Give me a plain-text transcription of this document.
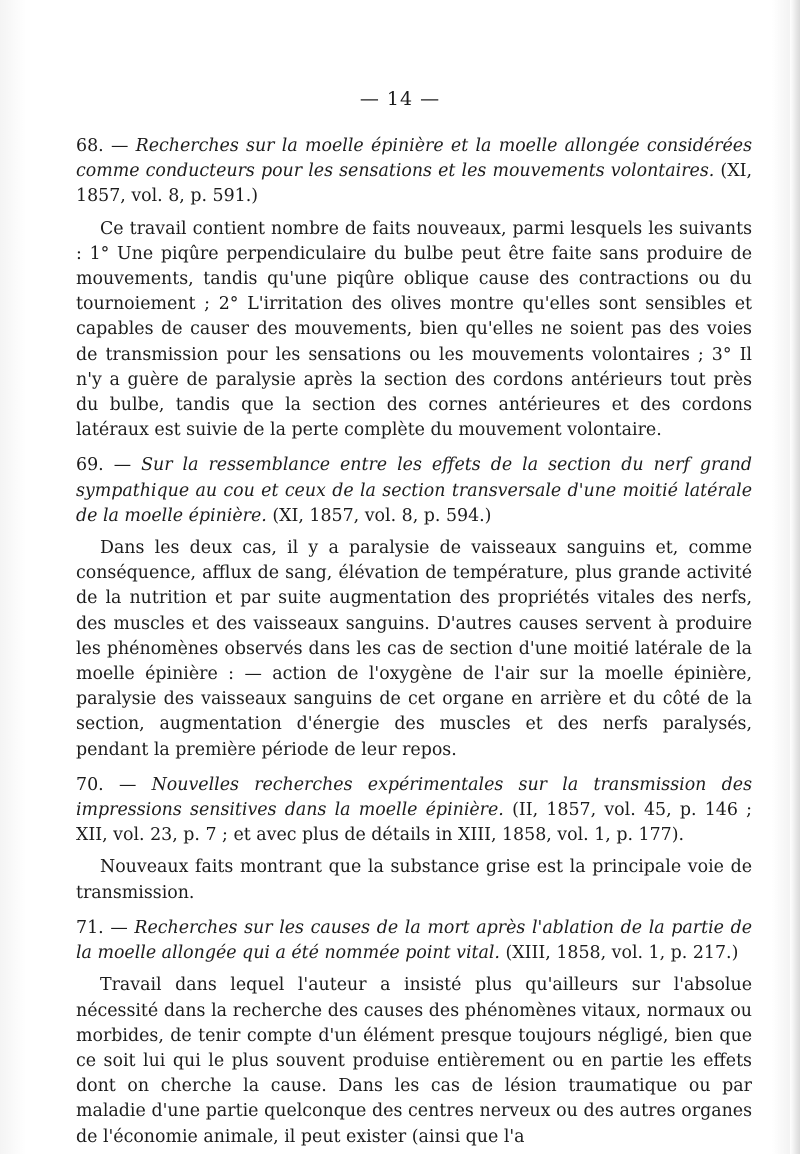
— 14 —

68. — Recherches sur la moelle épinière et la moelle allongée considérées comme conducteurs pour les sensations et les mouvements volontaires. (XI, 1857, vol. 8, p. 591.)

Ce travail contient nombre de faits nouveaux, parmi lesquels les suivants : 1° Une piqûre perpendiculaire du bulbe peut être faite sans produire de mouvements, tandis qu'une piqûre oblique cause des contractions ou du tournoiement ; 2° L'irritation des olives montre qu'elles sont sensibles et capables de causer des mouvements, bien qu'elles ne soient pas des voies de transmission pour les sensations ou les mouvements volontaires ; 3° Il n'y a guère de paralysie après la section des cordons antérieurs tout près du bulbe, tandis que la section des cornes antérieures et des cordons latéraux est suivie de la perte complète du mouvement volontaire.

69. — Sur la ressemblance entre les effets de la section du nerf grand sympathique au cou et ceux de la section transversale d'une moitié latérale de la moelle épinière. (XI, 1857, vol. 8, p. 594.)

Dans les deux cas, il y a paralysie de vaisseaux sanguins et, comme conséquence, afflux de sang, élévation de température, plus grande activité de la nutrition et par suite augmentation des propriétés vitales des nerfs, des muscles et des vaisseaux sanguins. D'autres causes servent à produire les phénomènes observés dans les cas de section d'une moitié latérale de la moelle épinière : — action de l'oxygène de l'air sur la moelle épinière, paralysie des vaisseaux sanguins de cet organe en arrière et du côté de la section, augmentation d'énergie des muscles et des nerfs paralysés, pendant la première période de leur repos.

70. — Nouvelles recherches expérimentales sur la transmission des impressions sensitives dans la moelle épinière. (II, 1857, vol. 45, p. 146 ; XII, vol. 23, p. 7 ; et avec plus de détails in XIII, 1858, vol. 1, p. 177).

Nouveaux faits montrant que la substance grise est la principale voie de transmission.

71. — Recherches sur les causes de la mort après l'ablation de la partie de la moelle allongée qui a été nommée point vital. (XIII, 1858, vol. 1, p. 217.)

Travail dans lequel l'auteur a insisté plus qu'ailleurs sur l'absolue nécessité dans la recherche des causes des phénomènes vitaux, normaux ou morbides, de tenir compte d'un élément presque toujours négligé, bien que ce soit lui qui le plus souvent produise entièrement ou en partie les effets dont on cherche la cause. Dans les cas de lésion traumatique ou par maladie d'une partie quelconque des centres nerveux ou des autres organes de l'économie animale, il peut exister (ainsi que l'a
